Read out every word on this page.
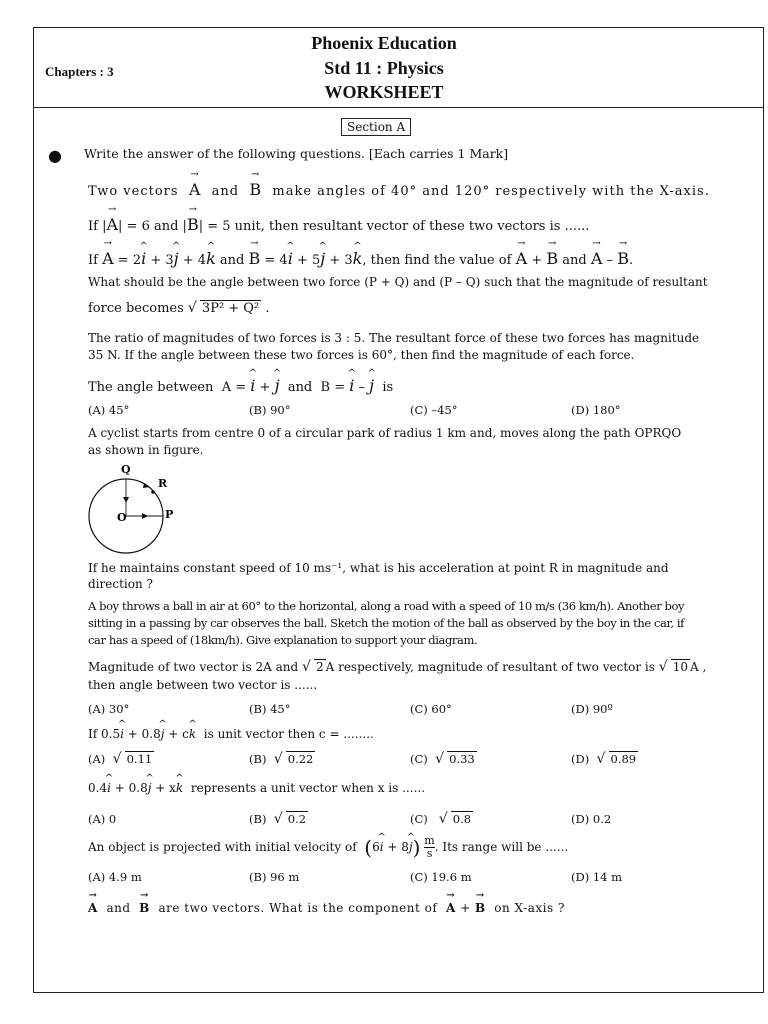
Phoenix Education
Std 11 : Physics
WORKSHEET
Chapters : 3
Section A
● Write the answer of the following questions. [Each carries 1 Mark]
Two vectors → A and → B make angles of 40° and 120° respectively with the X-axis.
If |→ A| = 6 and |→ B| = 5 unit, then resultant vector of these two vectors is ......
If → A = 2^ i + 3^ j + 4^ k and → B = 4^ i + 5^ j + 3^ k, then find the value of → A + → B and → A – → B.
What should be the angle between two force (P + Q) and (P – Q) such that the magnitude of resultant
force becomes √ 3P² + Q² .
The ratio of magnitudes of two forces is 3 : 5. The resultant force of these two forces has magnitude
35 N. If the angle between these two forces is 60°, then find the magnitude of each force.
The angle between A = ^ i + ^ j and B = ^ i – ^ j is
(A) 45°	(B) 90°	(C) –45°	(D) 180°
A cyclist starts from centre 0 of a circular park of radius 1 km and, moves along the path OPRQO
as shown in figure.
Q
R
O	P
If he maintains constant speed of 10 ms⁻¹, what is his acceleration at point R in magnitude and
direction ?
A boy throws a ball in air at 60° to the horizontal, along a road with a speed of 10 m/s (36 km/h). Another boy
sitting in a passing by car observes the ball. Sketch the motion of the ball as observed by the boy in the car, if
car has a speed of (18km/h). Give explanation to support your diagram.
Magnitude of two vector is 2A and √ 2 A respectively, magnitude of resultant of two vector is √ 10 A ,
then angle between two vector is ......
(A) 30°	(B) 45°	(C) 60°	(D) 90º
If 0.5^ i + 0.8^ j + c^ k is unit vector then c = ........
(A) √ 0.11	(B) √ 0.22	(C) √ 0.33	(D) √ 0.89
0.4^ i + 0.8^ j + x^ k represents a unit vector when x is ......
(A) 0	(B) √ 0.2	(C) √ 0.8	(D) 0.2
An object is projected with initial velocity of (6^ i + 8^ $j) \frac{m}{s}$. Its range will be ......
(A) 4.9 m	(B) 96 m	(C) 19.6 m	(D) 14 m
→ A and → B are two vectors. What is the component of → A + → B on X-axis ?
